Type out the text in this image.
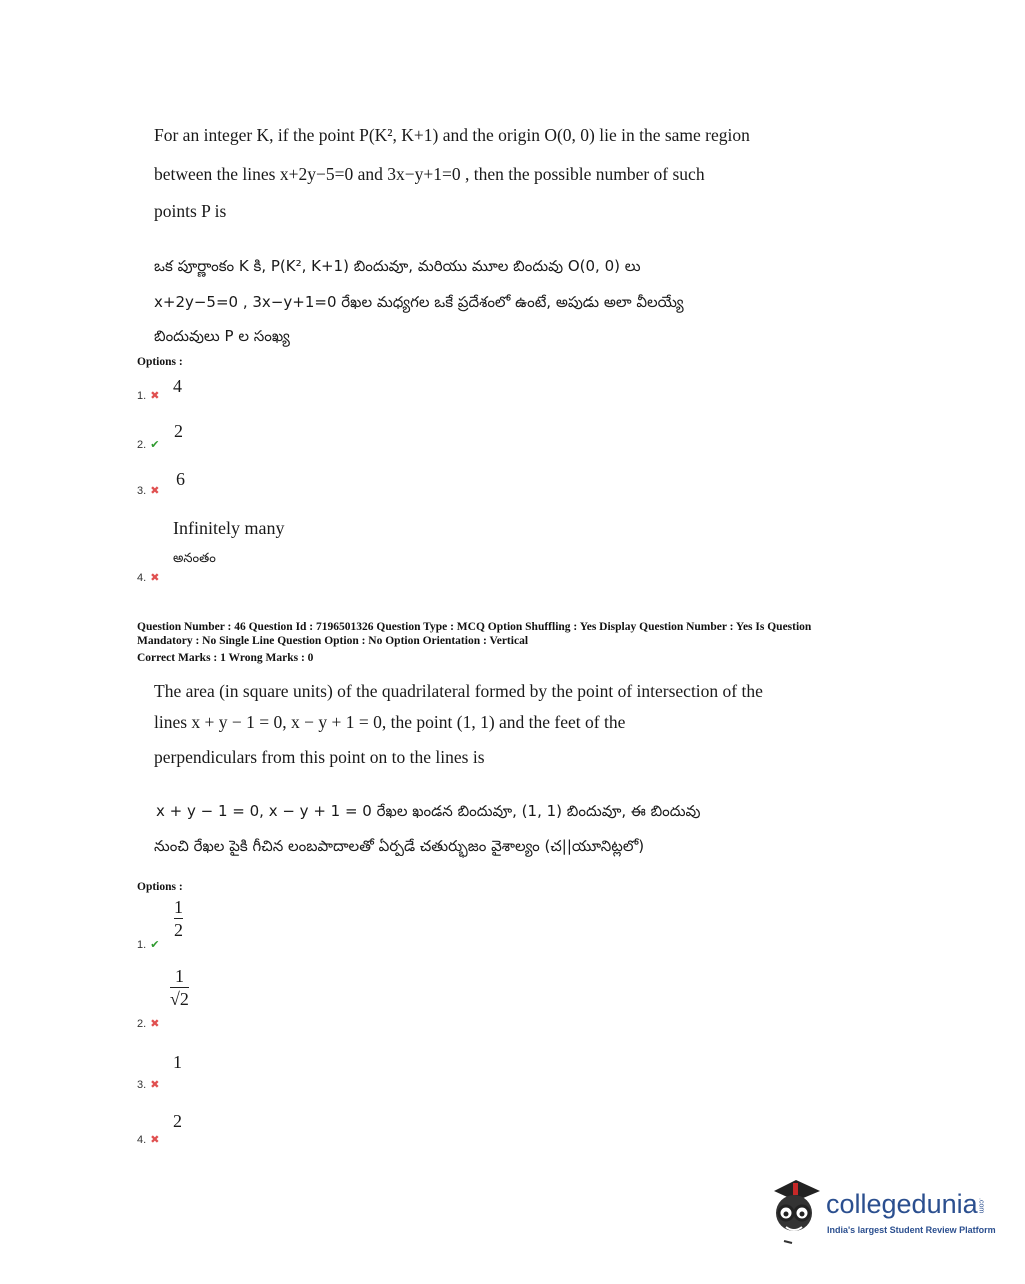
For an integer K, if the point P(K², K+1) and the origin O(0, 0) lie in the same region
between the lines x+2y−5=0 and 3x−y+1=0 , then the possible number of such
points P is
ఒక పూర్ణాంకం K కి, P(K², K+1) బిందువూ, మరియు మూల బిందువు O(0, 0) లు
x+2y−5=0 , 3x−y+1=0 రేఖల మధ్యగల ఒకే ప్రదేశంలో ఉంటే, అపుడు అలా వీలయ్యే
బిందువులు P ల సంఖ్య
Options :
1. ✖ 4
2. ✔
2
3. ✖
6
Infinitely many
అనంతం
4. ✖
Question Number : 46 Question Id : 7196501326 Question Type : MCQ Option Shuffling : Yes Display Question Number : Yes Is Question
Mandatory : No Single Line Question Option : No Option Orientation : Vertical
Correct Marks : 1 Wrong Marks : 0
The area (in square units) of the quadrilateral formed by the point of intersection of the
lines x + y − 1 = 0, x − y + 1 = 0, the point (1, 1) and the feet of the
perpendiculars from this point on to the lines is
x + y − 1 = 0, x − y + 1 = 0 రేఖల ఖండన బిందువూ, (1, 1) బిందువూ, ఈ బిందువు
నుంచి రేఖల పైకి గీచిన లంబపాదాలతో ఏర్పడే చతుర్భుజం వైశాల్యం (చ||యూనిట్లలో)
Options :
$\frac{1}{2}$
1. ✔
$\frac{1}{√2}$
2. ✖
1
3. ✖
2
4. ✖
collegedunia.com
India's largest Student Review Platform
